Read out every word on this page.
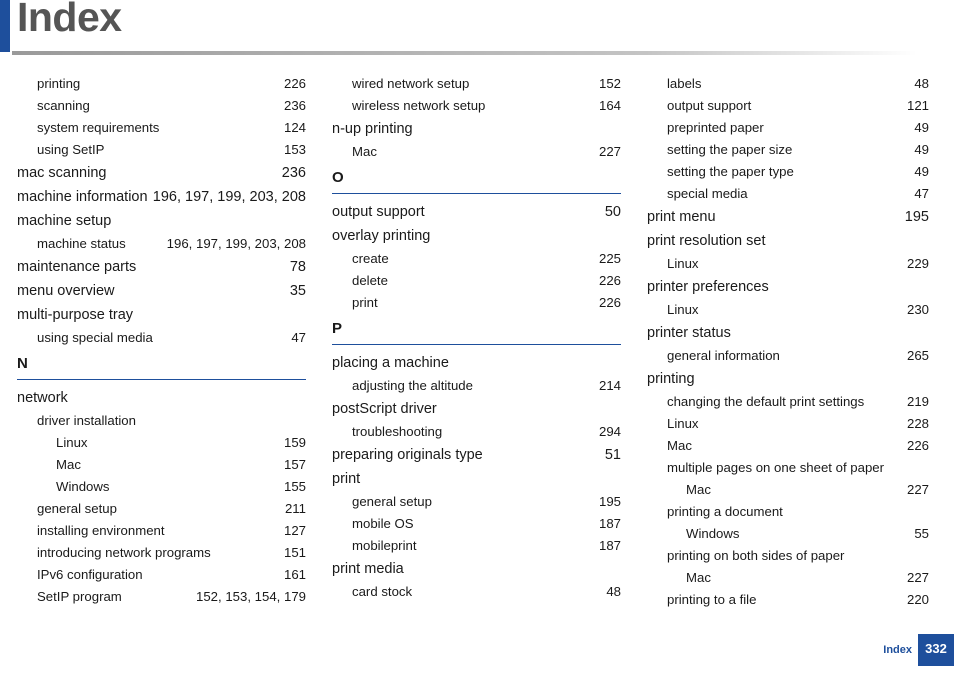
Index
printing	226
scanning	236
system requirements	124
using SetIP	153
mac scanning	236
machine information 196, 197, 199, 203, 208
machine setup
machine status	196, 197, 199, 203, 208
maintenance parts	78
menu overview	35
multi-purpose tray
using special media	47
N
network
driver installation
Linux	159
Mac	157
Windows	155
general setup	211
installing environment	127
introducing network programs	151
IPv6 configuration	161
SetIP program	152, 153, 154, 179
wired network setup	152
wireless network setup	164
n-up printing
Mac	227
O
output support	50
overlay printing
create	225
delete	226
print	226
P
placing a machine
adjusting the altitude	214
postScript driver
troubleshooting	294
preparing originals type	51
print
general setup	195
mobile OS	187
mobileprint	187
print media
card stock	48
labels	48
output support	121
preprinted paper	49
setting the paper size	49
setting the paper type	49
special media	47
print menu	195
print resolution set
Linux	229
printer preferences
Linux	230
printer status
general information	265
printing
changing the default print settings	219
Linux	228
Mac	226
multiple pages on one sheet of paper
Mac	227
printing a document
Windows	55
printing on both sides of paper
Mac	227
printing to a file	220
Index	332
